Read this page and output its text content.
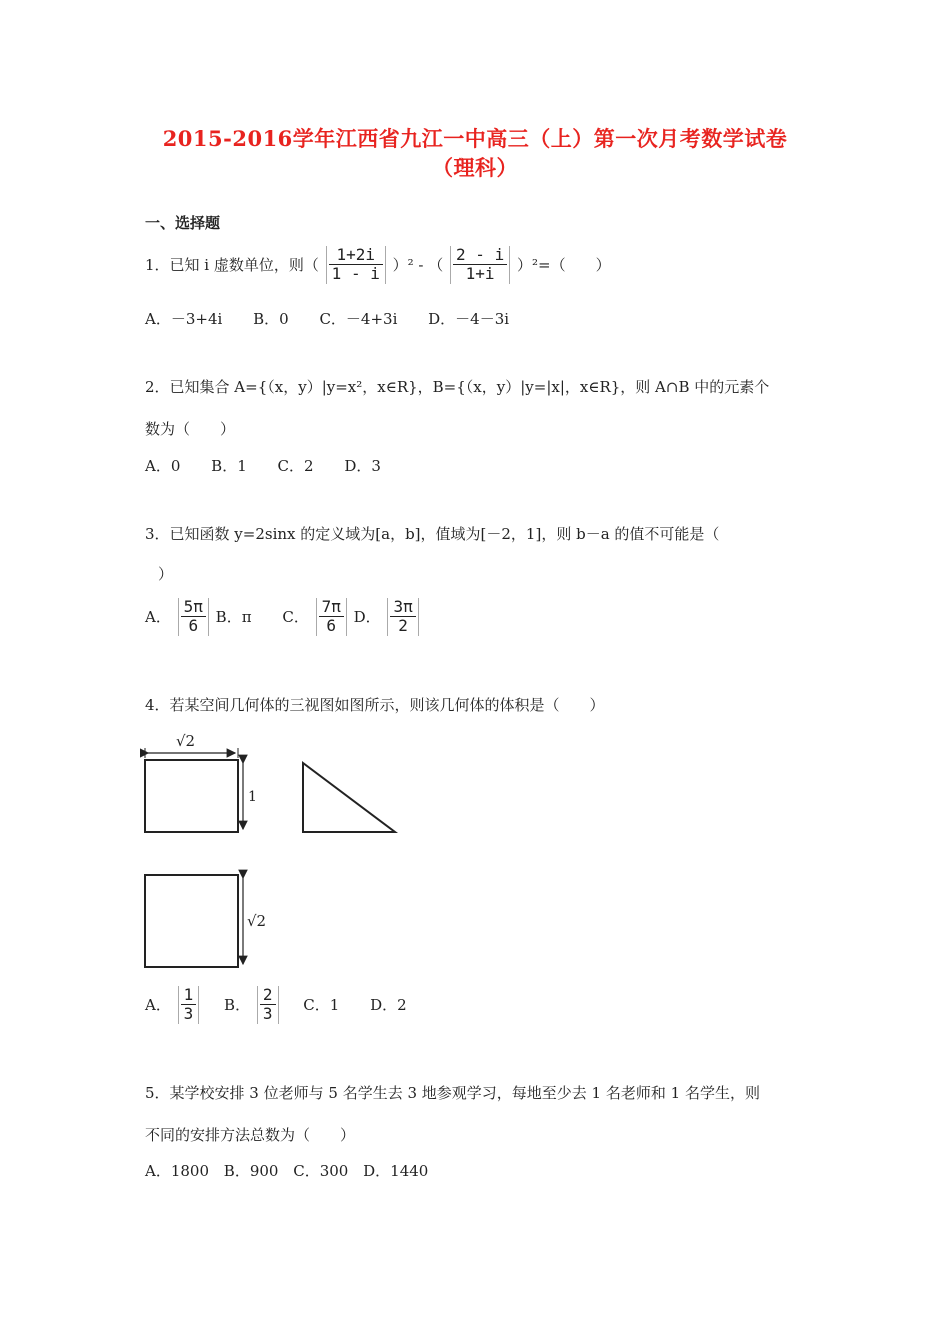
2015-2016学年江西省九江一中高三（上）第一次月考数学试卷
（理科）
一、选择题
1．已知 i 虚数单位，则（ $\frac{1+2i}{1 - i} )^2$ - （ $\frac{2 - i}{1+i} )^2=$（　　）
A．－3+4i B．0 C．－4+3i D．－4－3i
2．已知集合 A={（x，y）|y=x²，x∈R}，B={（x，y）|y=|x|，x∈R}，则 A∩B 中的元素个
数为（　　）
A．0 B．1 C．2 D．3
3．已知函数 y=2sinx 的定义域为[a，b]，值域为[－2，1]，则 b－a 的值不可能是（
）
A． $\frac{5\pi}{6}$ B．π C． $\frac{7\pi}{6}$ D． $\frac{3\pi}{2}$
4．若某空间几何体的三视图如图所示，则该几何体的体积是（　　）
√2
1
√2
A． $\frac{1}{3}$ B． $\frac{2}{3}$ C．1 D．2
5．某学校安排 3 位老师与 5 名学生去 3 地参观学习，每地至少去 1 名老师和 1 名学生，则
不同的安排方法总数为（　　）
A．1800 B．900 C．300 D．1440
